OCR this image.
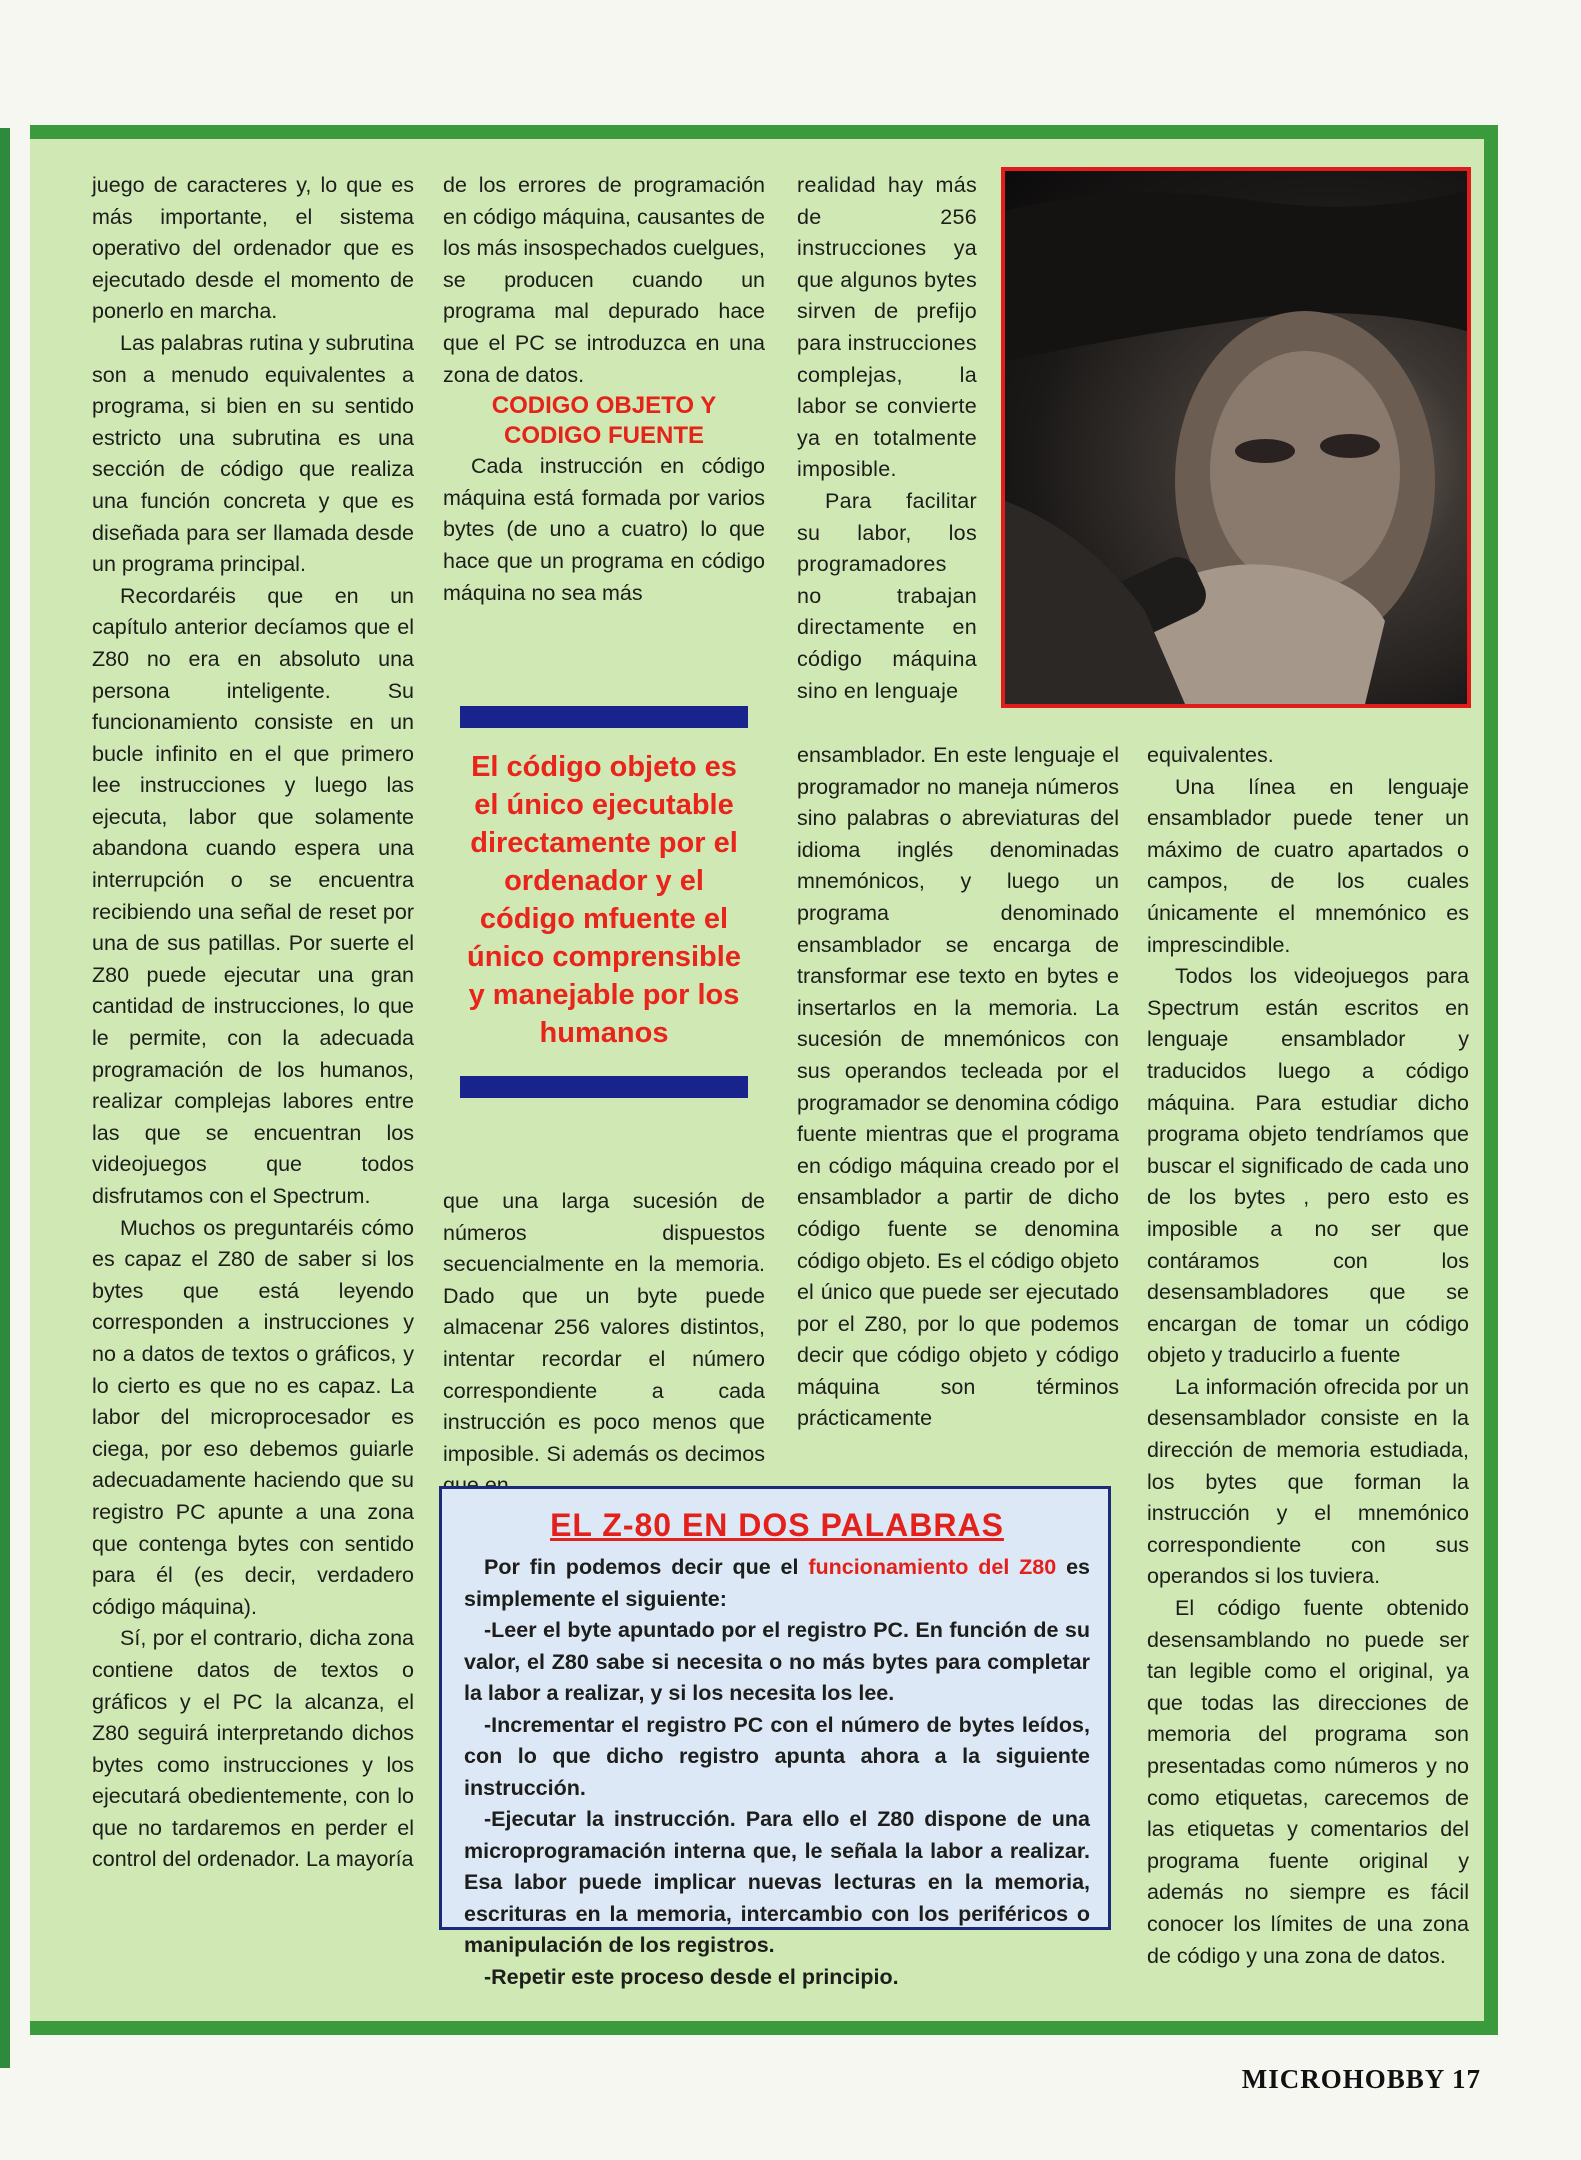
juego de caracteres y, lo que es más importante, el sistema operativo del ordenador que es ejecutado desde el momento de ponerlo en marcha.

Las palabras rutina y subrutina son a menudo equivalentes a programa, si bien en su sentido estricto una subrutina es una sección de código que realiza una función concreta y que es diseñada para ser llamada desde un programa principal.

Recordaréis que en un capítulo anterior decíamos que el Z80 no era en absoluto una persona inteligente. Su funcionamiento consiste en un bucle infinito en el que primero lee instrucciones y luego las ejecuta, labor que solamente abandona cuando espera una interrupción o se encuentra recibiendo una señal de reset por una de sus patillas. Por suerte el Z80 puede ejecutar una gran cantidad de instrucciones, lo que le permite, con la adecuada programación de los humanos, realizar complejas labores entre las que se encuentran los videojuegos que todos disfrutamos con el Spectrum.

Muchos os preguntaréis cómo es capaz el Z80 de saber si los bytes que está leyendo corresponden a instrucciones y no a datos de textos o gráficos, y lo cierto es que no es capaz. La labor del microprocesador es ciega, por eso debemos guiarle adecuadamente haciendo que su registro PC apunte a una zona que contenga bytes con sentido para él (es decir, verdadero código máquina).

Sí, por el contrario, dicha zona contiene datos de textos o gráficos y el PC la alcanza, el Z80 seguirá interpretando dichos bytes como instrucciones y los ejecutará obedientemente, con lo que no tardaremos en perder el control del ordenador. La mayoría

de los errores de programación en código máquina, causantes de los más insospechados cuelgues, se producen cuando un programa mal depurado hace que el PC se introduzca en una zona de datos.

CODIGO OBJETO Y CODIGO FUENTE

Cada instrucción en código máquina está formada por varios bytes (de uno a cuatro) lo que hace que un programa en código máquina no sea más

El código objeto es el único ejecutable directamente por el ordenador y el código mfuente el único comprensible y manejable por los humanos

que una larga sucesión de números dispuestos secuencialmente en la memoria. Dado que un byte puede almacenar 256 valores distintos, intentar recordar el número correspondiente a cada instrucción es poco menos que imposible. Si además os decimos

realidad hay más de 256 instrucciones ya que algunos bytes sirven de prefijo para instrucciones complejas, la labor se convierte ya en totalmente imposible.

Para facilitar su labor, los programadores no trabajan directamente en código máquina sino en lenguaje

ensamblador. En este lenguaje el programador no maneja números sino palabras o abreviaturas del idioma inglés denominadas mnemónicos, y luego un programa denominado ensamblador se encarga de transformar ese texto en bytes e insertarlos en la memoria. La sucesión de mnemónicos con sus operandos tecleada por el programador se denomina código fuente mientras que el programa en código máquina creado por el ensamblador a partir de dicho código fuente se denomina código objeto. Es el código objeto el único que puede ser ejecutado por el Z80, por lo que podemos decir que código objeto y código máquina son términos prácticamente

equivalentes.

Una línea en lenguaje ensamblador puede tener un máximo de cuatro apartados o campos, de los cuales únicamente el mnemónico es imprescindible.

Todos los videojuegos para Spectrum están escritos en lenguaje ensamblador y traducidos luego a código máquina. Para estudiar dicho programa objeto tendríamos que buscar el significado de cada uno de los bytes , pero esto es imposible a no ser que contáramos con los desensambladores que se encargan de tomar un código objeto y traducirlo a fuente

La información ofrecida por un desensamblador consiste en la dirección de memoria estudiada, los bytes que forman la instrucción y el mnemónico correspondiente con sus operandos si los tuviera.

El código fuente obtenido desensamblando no puede ser tan legible como el original, ya que todas las direcciones de memoria del programa son presentadas como números y no como etiquetas, carecemos de las etiquetas y comentarios del programa fuente original y además no siempre es fácil conocer los límites de una zona de código y una zona de datos.

EL Z-80 EN DOS PALABRAS

Por fin podemos decir que el funcionamiento del Z80 es simplemente el siguiente:

-Leer el byte apuntado por el registro PC. En función de su valor, el Z80 sabe si necesita o no más bytes para completar la labor a realizar, y si los necesita los lee.

-Incrementar el registro PC con el número de bytes leídos, con lo que dicho registro apunta ahora a la siguiente instrucción.

-Ejecutar la instrucción. Para ello el Z80 dispone de una microprogramación interna que, le señala la labor a realizar. Esa labor puede implicar nuevas lecturas en la memoria, escrituras en la memoria, intercambio con los periféricos o manipulación de los registros.

-Repetir este proceso desde el principio.

MICROHOBBY 17
